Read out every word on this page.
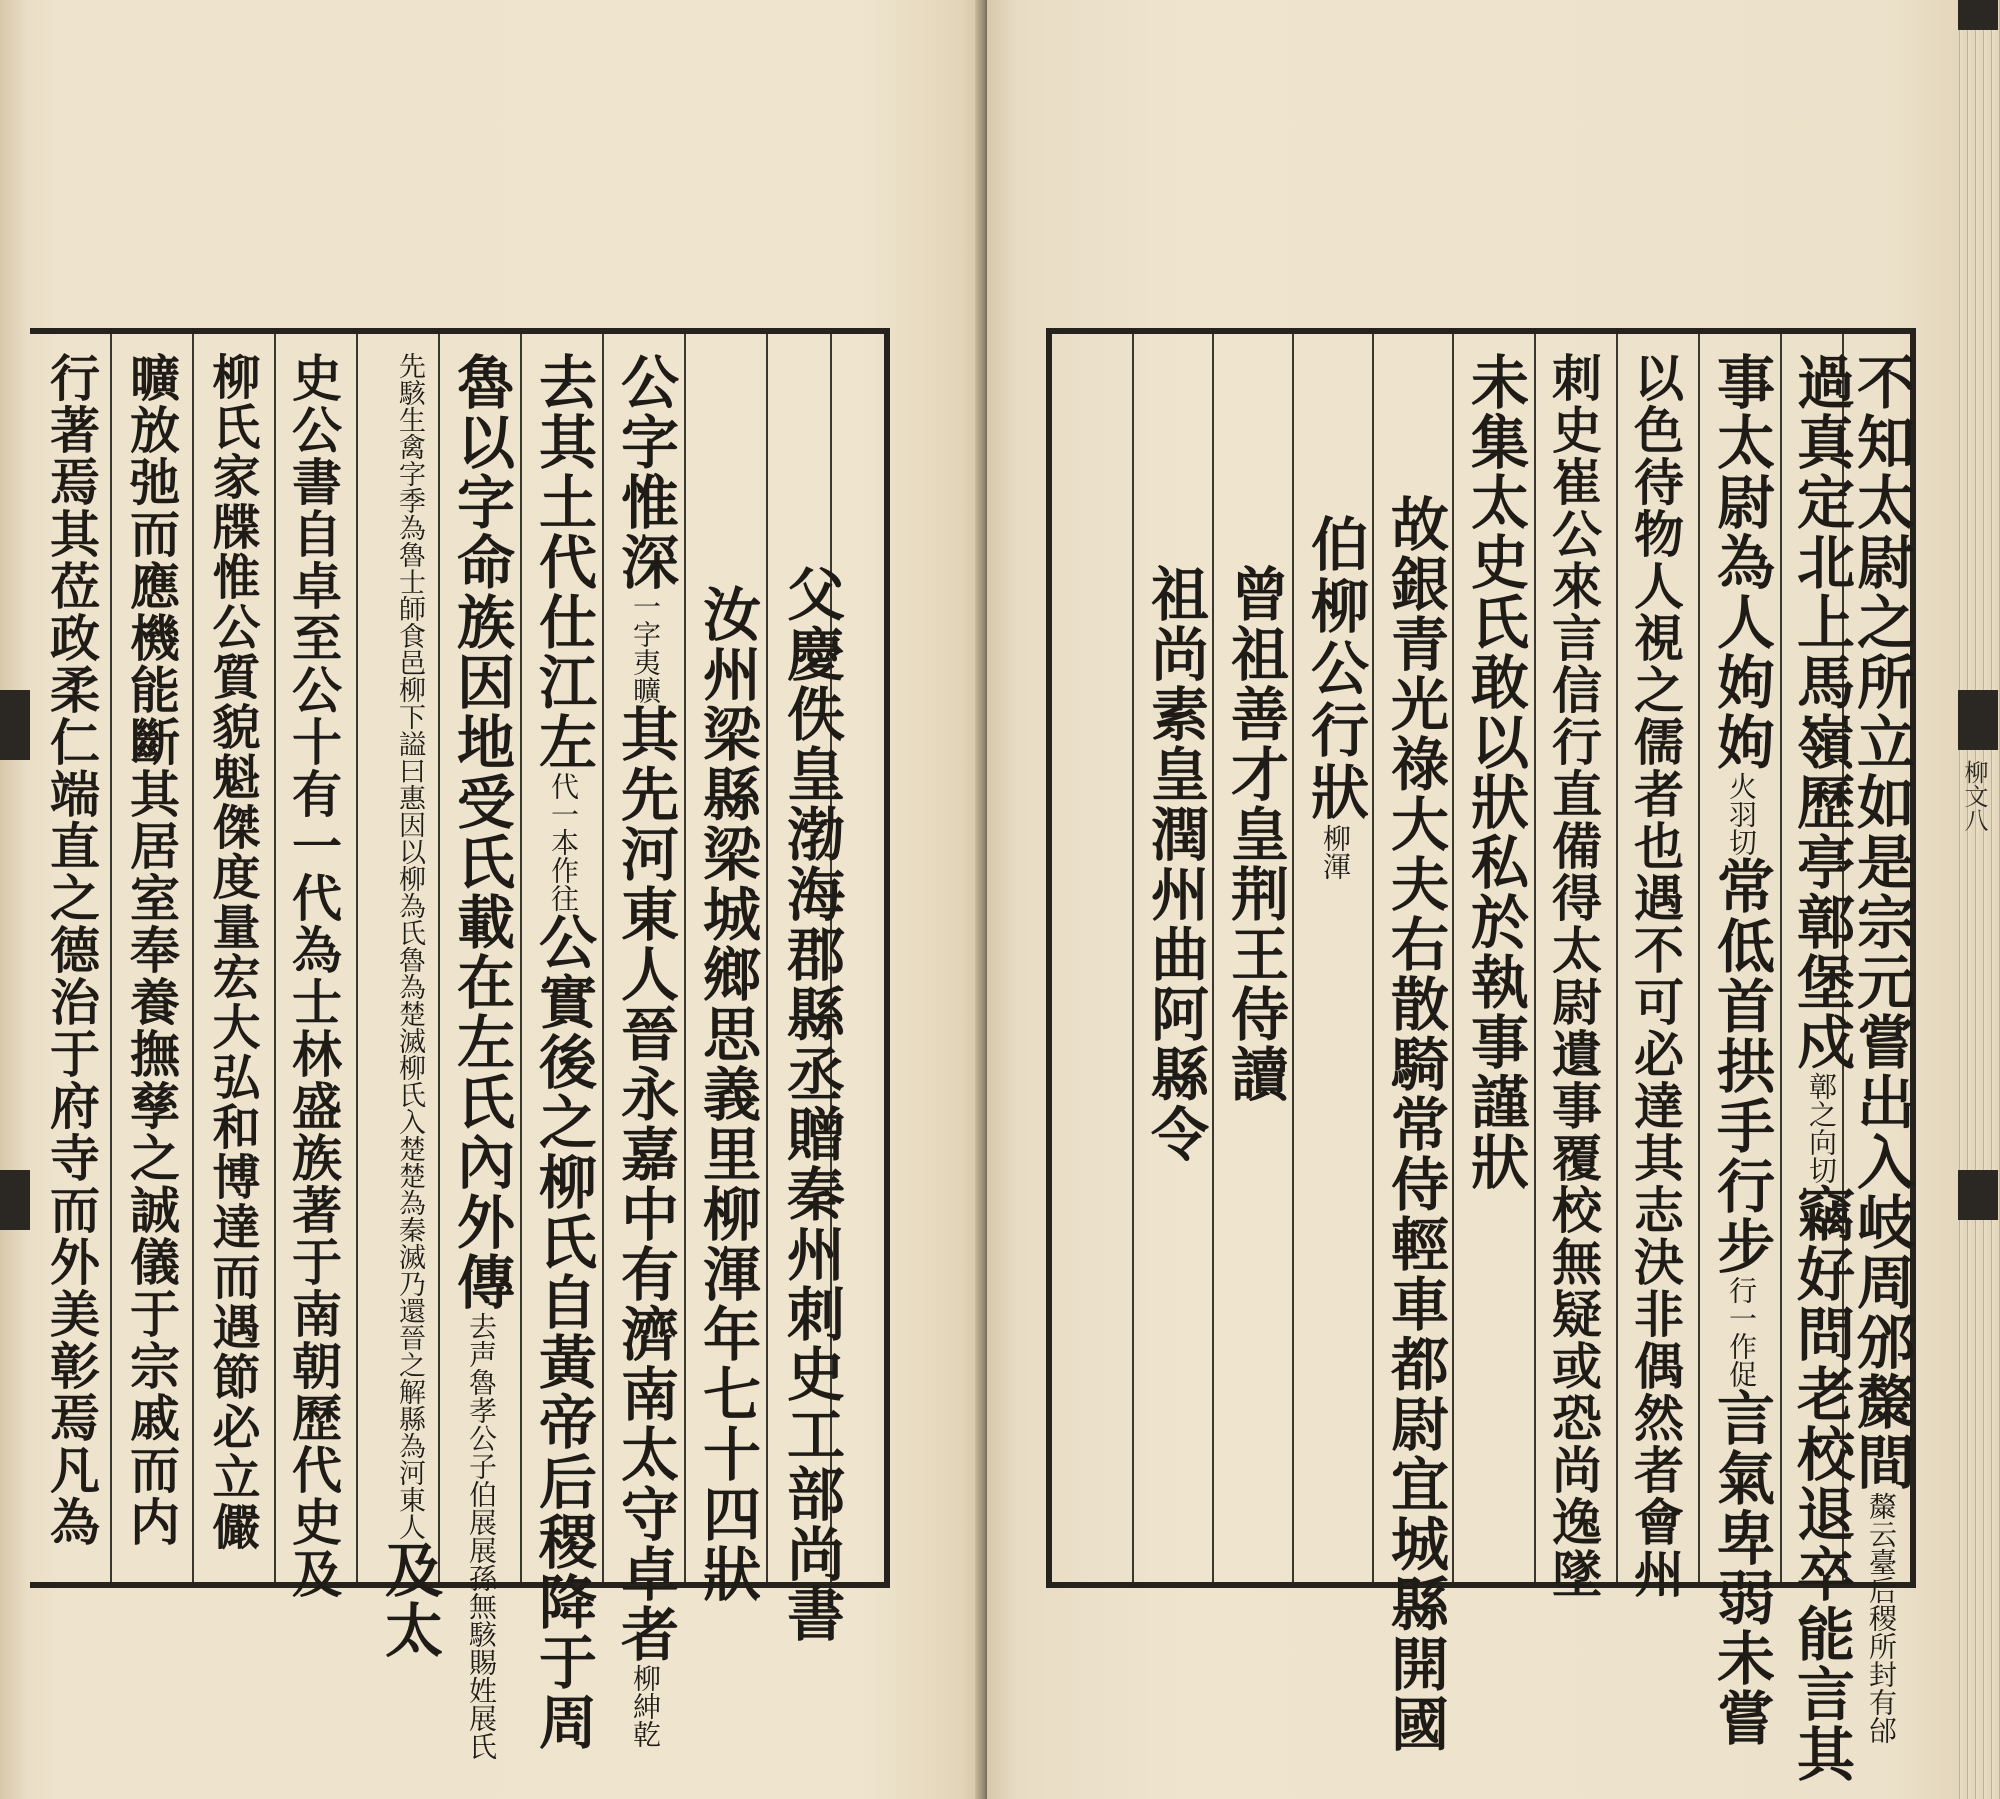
父慶佚皇渤海郡縣丞贈秦州刺史工部尚書
汝州梁縣梁城鄉思義里柳渾年七十四狀
公字惟深一字夷曠其先河東人晉永嘉中有濟南太守卓者柳紳乾
去其土代仕江左代一本作往公實後之柳氏自黃帝后稷降于周
魯以字命族因地受氏載在左氏內外傳去声魯孝公子伯展展孫無駭賜姓展氏
先駭生禽字季為魯士師食邑柳下謚曰惠因以柳為氏魯為楚滅柳氏入楚楚為秦滅乃還晉之解縣為河東人及太
史公書自卓至公十有一代為士林盛族著于南朝歷代史及
柳氏家牒惟公質貌魁傑度量宏大弘和博達而遇節必立儼
曠放弛而應機能斷其居室奉養撫孳之誠儀于宗戚而内
行著焉其莅政柔仁端直之德治于府寺而外美彰焉凡為	不知太尉之所立如是宗元嘗出入岐周邠斄間斄云臺后稷所封有邰
過真定北上馬嶺歷亭鄣堡戍鄣之向切竊好問老校退卒能言其
事太尉為人姁姁火羽切常低首拱手行步行一作促言氣卑弱未嘗
以色待物人視之儒者也遇不可必達其志決非偶然者會州
刺史崔公來言信行直備得太尉遺事覆校無疑或恐尚逸墜
未集太史氏敢以狀私於執事謹狀
故銀青光祿大夫右散騎常侍輕車都尉宜城縣開國
伯柳公行狀柳渾
曾祖善才皇荆王侍讀
祖尚素皇潤州曲阿縣令	柳文八
